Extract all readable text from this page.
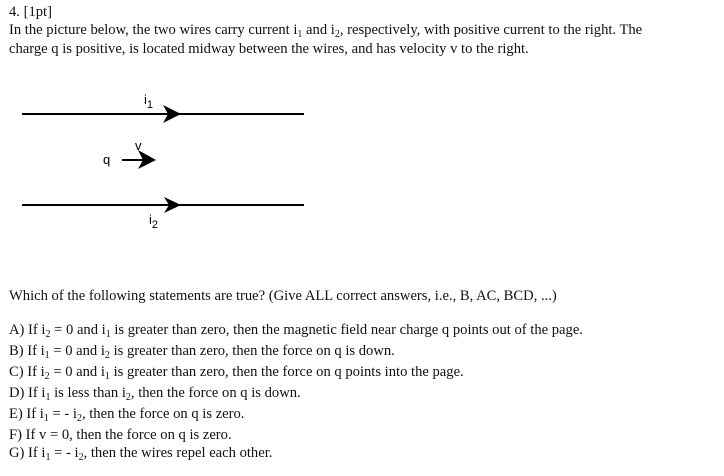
4. [1pt]
In the picture below, the two wires carry current $i_1$ and $i_2$, respectively, with positive current to the right. The
charge q is positive, is located midway between the wires, and has velocity v to the right.
$i_1$
q
v
$i_2$
Which of the following statements are true? (Give ALL correct answers, i.e., B, AC, BCD, ...)
A) If $i_2 = 0$ and $i_1$ is greater than zero, then the magnetic field near charge q points out of the page.
B) If $i_1 = 0$ and $i_2$ is greater than zero, then the force on q is down.
C) If $i_2 = 0$ and $i_1$ is greater than zero, then the force on q points into the page.
D) If $i_1$ is less than $i_2$, then the force on q is down.
E) If $i_1$ = - $i_2$, then the force on q is zero.
F) If v = 0, then the force on q is zero.
G) If $i_1$ = - $i_2$, then the wires repel each other.
